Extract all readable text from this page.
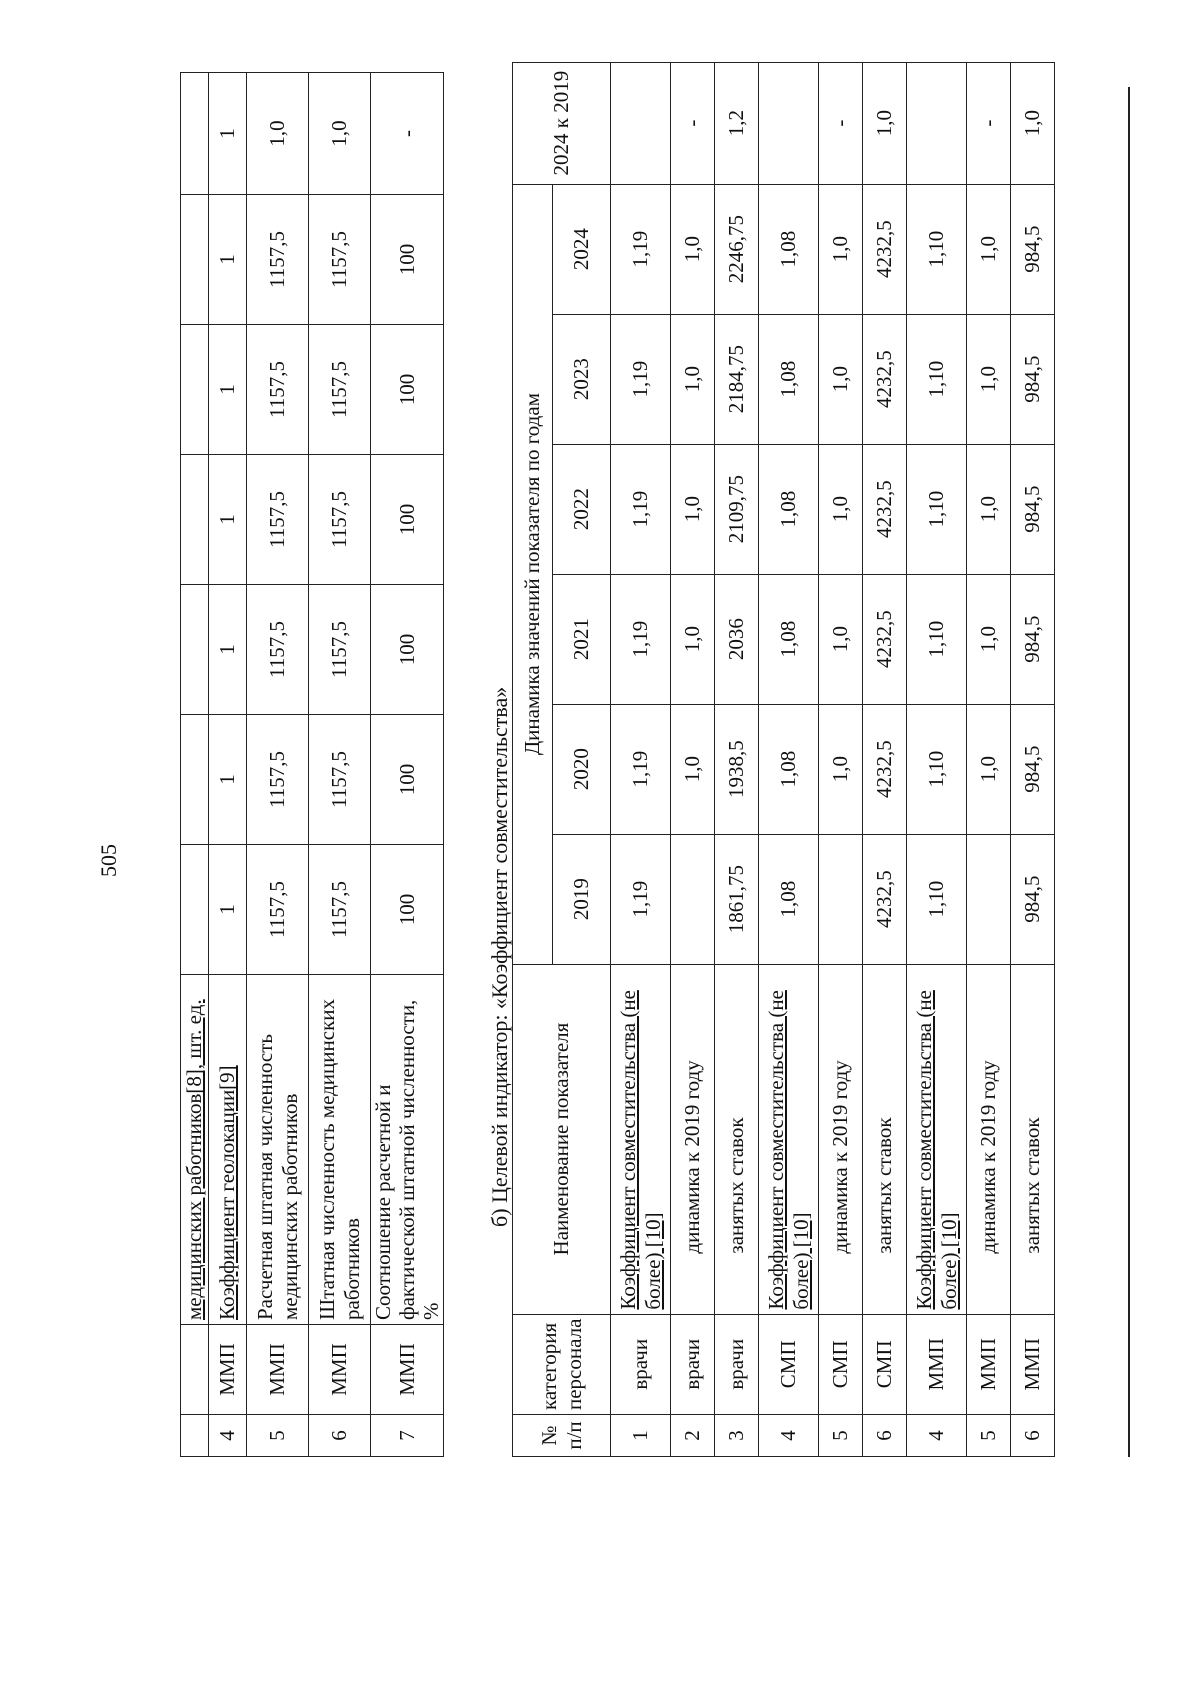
505
		медицинских работников[8], шт. ед.							
4	ММП	Коэффициент геолокации[9]	1	1	1	1	1	1	1
5	ММП	Расчетная штатная численность медицинских работников	1157,5	1157,5	1157,5	1157,5	1157,5	1157,5	1,0
6	ММП	Штатная численность медицинских работников	1157,5	1157,5	1157,5	1157,5	1157,5	1157,5	1,0
7	ММП	Соотношение расчетной и фактической штатной численности, %	100	100	100	100	100	100	-
б) Целевой индикатор: «Коэффициент совместительства»
№ п/п	категория персонала	Наименование показателя	Динамика значений показателя по годам						2024 к 2019
			2019	2020	2021	2022	2023	2024	
1	врачи	Коэффициент совместительства (не более) [10]	1,19	1,19	1,19	1,19	1,19	1,19	
2	врачи	динамика к 2019 году		1,0	1,0	1,0	1,0	1,0	-
3	врачи	занятых ставок	1861,75	1938,5	2036	2109,75	2184,75	2246,75	1,2
4	СМП	Коэффициент совместительства (не более) [10]	1,08	1,08	1,08	1,08	1,08	1,08	
5	СМП	динамика к 2019 году		1,0	1,0	1,0	1,0	1,0	-
6	СМП	занятых ставок	4232,5	4232,5	4232,5	4232,5	4232,5	4232,5	1,0
4	ММП	Коэффициент совместительства (не более) [10]	1,10	1,10	1,10	1,10	1,10	1,10	
5	ММП	динамика к 2019 году		1,0	1,0	1,0	1,0	1,0	-
6	ММП	занятых ставок	984,5	984,5	984,5	984,5	984,5	984,5	1,0
